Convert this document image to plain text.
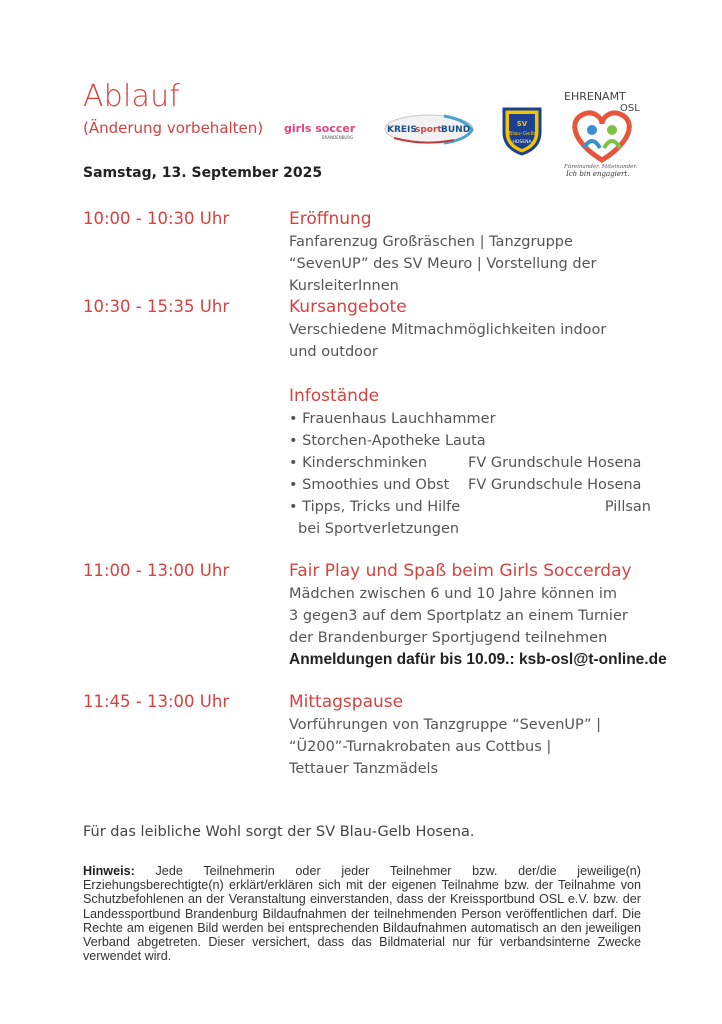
Ablauf
(Änderung vorbehalten)
Samstag, 13. September 2025
girls soccer
BRANDENBURG
KREIS
sport BUND
SV
Blau-Gelb
HOSENA
EHRENAMT
OSL
Füreinander. Miteinander.
Ich bin engagiert.
10:00 - 10:30 Uhr	Eröffnung
Fanfarenzug Großräschen | Tanzgruppe
“SevenUP” des SV Meuro | Vorstellung der
KursleiterInnen
10:30 - 15:35 Uhr	Kursangebote
Verschiedene Mitmachmöglichkeiten indoor
und outdoor
Infostände
• Frauenhaus Lauchhammer
• Storchen-Apotheke Lauta
• Kinderschminken	FV Grundschule Hosena
• Smoothies und Obst FV Grundschule Hosena
• Tipps, Tricks und Hilfe	Pillsan
bei Sportverletzungen
11:00 - 13:00 Uhr	Fair Play und Spaß beim Girls Soccerday
Mädchen zwischen 6 und 10 Jahre können im
3 gegen3 auf dem Sportplatz an einem Turnier
der Brandenburger Sportjugend teilnehmen
Anmeldungen dafür bis 10.09.: ksb-osl@t-online.de
11:45 - 13:00 Uhr	Mittagspause
Vorführungen von Tanzgruppe “SevenUP” |
“Ü200”-Turnakrobaten aus Cottbus |
Tettauer Tanzmädels
Für das leibliche Wohl sorgt der SV Blau-Gelb Hosena.
Hinweis: Jede Teilnehmerin oder jeder Teilnehmer bzw. der/die jeweilige(n) Erziehungsberechtigte(n) erklärt/erklären sich mit der eigenen Teilnahme bzw. der Teilnahme von Schutzbefohlenen an der Veranstaltung einverstanden, dass der Kreissportbund OSL e.V. bzw. der Landessportbund Brandenburg Bildaufnahmen der teilnehmenden Person veröffentlichen darf. Die Rechte am eigenen Bild werden bei entsprechenden Bildaufnahmen automatisch an den jeweiligen Verband abgetreten. Dieser versichert, dass das Bildmaterial nur für verbandsinterne Zwecke verwendet wird.
